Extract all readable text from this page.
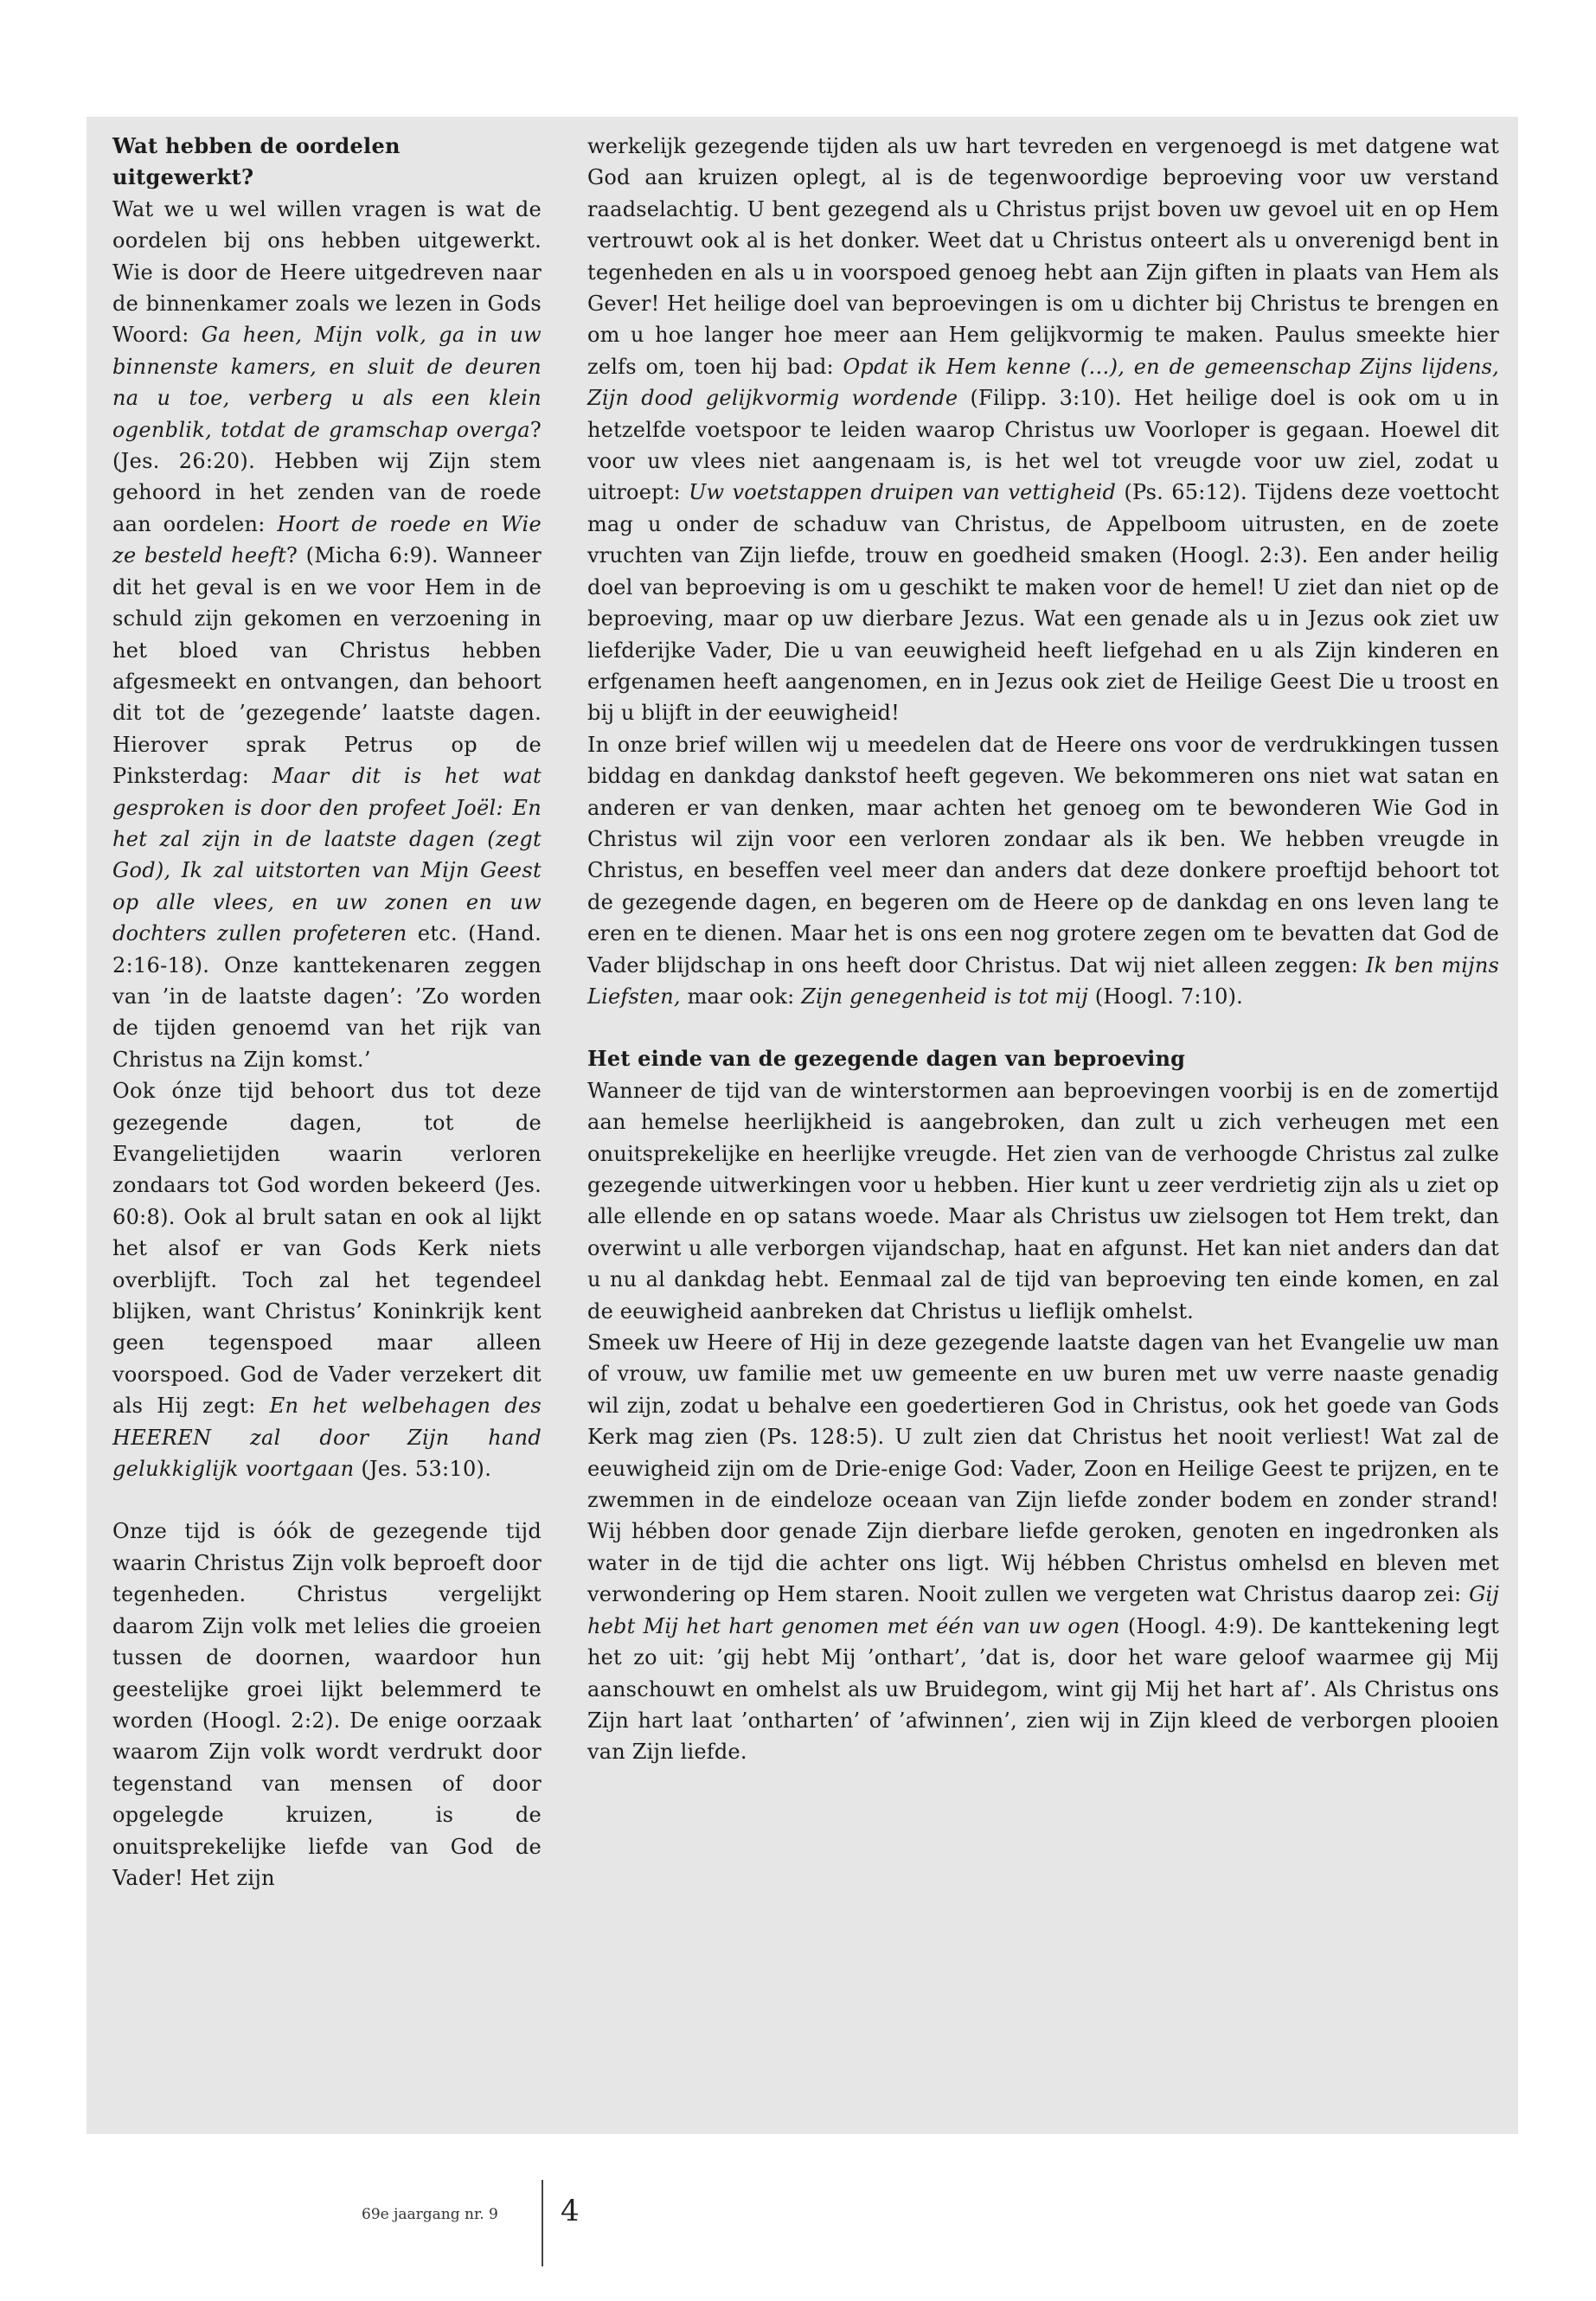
Wat hebben de oordelen uitgewerkt?

Wat we u wel willen vragen is wat de oordelen bij ons hebben uitgewerkt. Wie is door de Heere uitgedreven naar de binnenkamer zoals we lezen in Gods Woord: Ga heen, Mijn volk, ga in uw binnenste kamers, en sluit de deuren na u toe, verberg u als een klein ogenblik, totdat de gramschap overga? (Jes. 26:20). Hebben wij Zijn stem gehoord in het zenden van de roede aan oordelen: Hoort de roede en Wie ze besteld heeft? (Micha 6:9). Wanneer dit het geval is en we voor Hem in de schuld zijn gekomen en verzoening in het bloed van Christus hebben afgesmeekt en ontvangen, dan behoort dit tot de ’gezegende’ laatste dagen. Hierover sprak Petrus op de Pinksterdag: Maar dit is het wat gesproken is door den profeet Joël: En het zal zijn in de laatste dagen (zegt God), Ik zal uitstorten van Mijn Geest op alle vlees, en uw zonen en uw dochters zullen profeteren etc. (Hand. 2:16-18). Onze kanttekenaren zeggen van ’in de laatste dagen’: ’Zo worden de tijden genoemd van het rijk van Christus na Zijn komst.’

Ook ónze tijd behoort dus tot deze gezegende dagen, tot de Evangelietijden waarin verloren zondaars tot God worden bekeerd (Jes. 60:8). Ook al brult satan en ook al lijkt het alsof er van Gods Kerk niets overblijft. Toch zal het tegendeel blijken, want Christus’ Koninkrijk kent geen tegenspoed maar alleen voorspoed. God de Vader verzekert dit als Hij zegt: En het welbehagen des HEEREN zal door Zijn hand gelukkiglijk voortgaan (Jes. 53:10).

Onze tijd is óók de gezegende tijd waarin Christus Zijn volk beproeft door tegenheden. Christus vergelijkt daarom Zijn volk met lelies die groeien tussen de doornen, waardoor hun geestelijke groei lijkt belemmerd te worden (Hoogl. 2:2). De enige oorzaak waarom Zijn volk wordt verdrukt door tegenstand van mensen of door opgelegde kruizen, is de onuitsprekelijke liefde van God de Vader! Het zijn

werkelijk gezegende tijden als uw hart tevreden en vergenoegd is met datgene wat God aan kruizen oplegt, al is de tegenwoordige beproeving voor uw verstand raadselachtig. U bent gezegend als u Christus prijst boven uw gevoel uit en op Hem vertrouwt ook al is het donker. Weet dat u Christus onteert als u onverenigd bent in tegenheden en als u in voorspoed genoeg hebt aan Zijn giften in plaats van Hem als Gever! Het heilige doel van beproevingen is om u dichter bij Christus te brengen en om u hoe langer hoe meer aan Hem gelijkvormig te maken. Paulus smeekte hier zelfs om, toen hij bad: Opdat ik Hem kenne (…), en de gemeenschap Zijns lijdens, Zijn dood gelijkvormig wordende (Filipp. 3:10). Het heilige doel is ook om u in hetzelfde voetspoor te leiden waarop Christus uw Voorloper is gegaan. Hoewel dit voor uw vlees niet aangenaam is, is het wel tot vreugde voor uw ziel, zodat u uitroept: Uw voetstappen druipen van vettigheid (Ps. 65:12). Tijdens deze voettocht mag u onder de schaduw van Christus, de Appelboom uitrusten, en de zoete vruchten van Zijn liefde, trouw en goedheid smaken (Hoogl. 2:3). Een ander heilig doel van beproeving is om u geschikt te maken voor de hemel! U ziet dan niet op de beproeving, maar op uw dierbare Jezus. Wat een genade als u in Jezus ook ziet uw liefderijke Vader, Die u van eeuwigheid heeft liefgehad en u als Zijn kinderen en erfgenamen heeft aangenomen, en in Jezus ook ziet de Heilige Geest Die u troost en bij u blijft in der eeuwigheid!

In onze brief willen wij u meedelen dat de Heere ons voor de verdrukkingen tussen biddag en dankdag dankstof heeft gegeven. We bekommeren ons niet wat satan en anderen er van denken, maar achten het genoeg om te bewonderen Wie God in Christus wil zijn voor een verloren zondaar als ik ben. We hebben vreugde in Christus, en beseffen veel meer dan anders dat deze donkere proeftijd behoort tot de gezegende dagen, en begeren om de Heere op de dankdag en ons leven lang te eren en te dienen. Maar het is ons een nog grotere zegen om te bevatten dat God de Vader blijdschap in ons heeft door Christus. Dat wij niet alleen zeggen: Ik ben mijns Liefsten, maar ook: Zijn genegenheid is tot mij (Hoogl. 7:10).

Het einde van de gezegende dagen van beproeving

Wanneer de tijd van de winterstormen aan beproevingen voorbij is en de zomertijd aan hemelse heerlijkheid is aangebroken, dan zult u zich verheugen met een onuitsprekelijke en heerlijke vreugde. Het zien van de verhoogde Christus zal zulke gezegende uitwerkingen voor u hebben. Hier kunt u zeer verdrietig zijn als u ziet op alle ellende en op satans woede. Maar als Christus uw zielsogen tot Hem trekt, dan overwint u alle verborgen vijandschap, haat en afgunst. Het kan niet anders dan dat u nu al dankdag hebt. Eenmaal zal de tijd van beproeving ten einde komen, en zal de eeuwigheid aanbreken dat Christus u lieflijk omhelst.

Smeek uw Heere of Hij in deze gezegende laatste dagen van het Evangelie uw man of vrouw, uw familie met uw gemeente en uw buren met uw verre naaste genadig wil zijn, zodat u behalve een goedertieren God in Christus, ook het goede van Gods Kerk mag zien (Ps. 128:5). U zult zien dat Christus het nooit verliest! Wat zal de eeuwigheid zijn om de Drie-enige God: Vader, Zoon en Heilige Geest te prijzen, en te zwemmen in de eindeloze oceaan van Zijn liefde zonder bodem en zonder strand! Wij hébben door genade Zijn dierbare liefde geroken, genoten en ingedronken als water in de tijd die achter ons ligt. Wij hébben Christus omhelsd en bleven met verwondering op Hem staren. Nooit zullen we vergeten wat Christus daarop zei: Gij hebt Mij het hart genomen met één van uw ogen (Hoogl. 4:9). De kanttekening legt het zo uit: ’gij hebt Mij ’onthart’, ’dat is, door het ware geloof waarmee gij Mij aanschouwt en omhelst als uw Bruidegom, wint gij Mij het hart af’. Als Christus ons Zijn hart laat ’ontharten’ of ’afwinnen’, zien wij in Zijn kleed de verborgen plooien van Zijn liefde.

69e jaargang nr. 9 4
